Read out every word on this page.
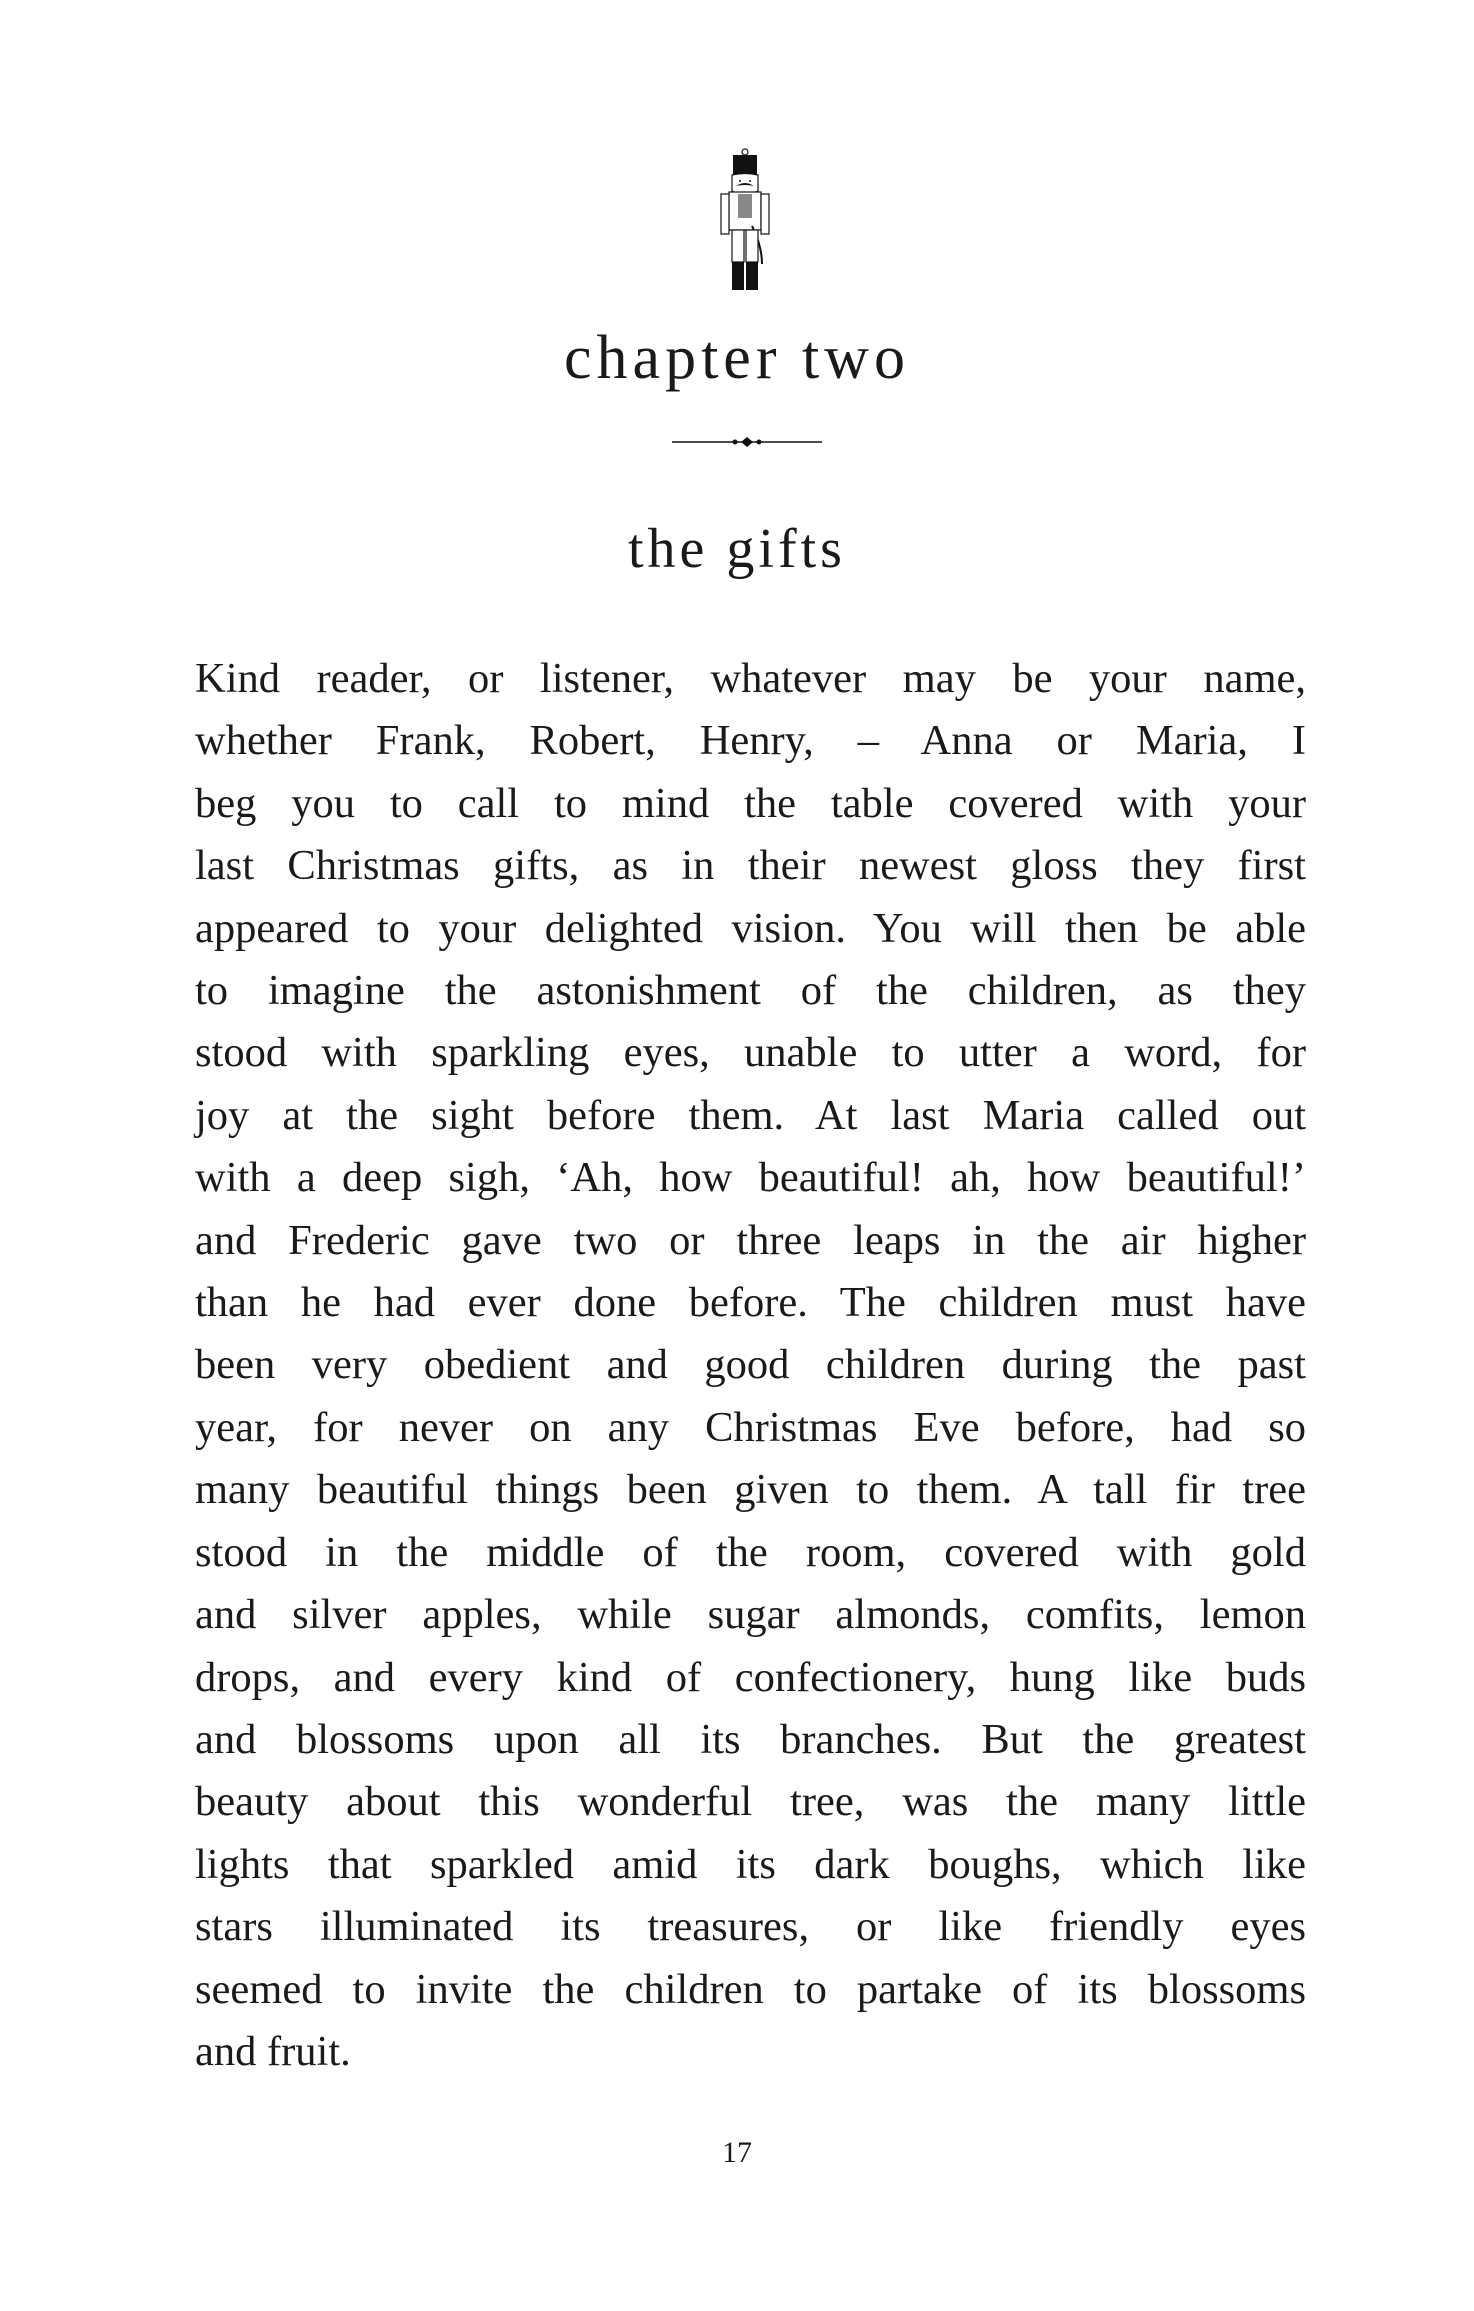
chapter two
the gifts
Kind reader, or listener, whatever may be your name,
whether Frank, Robert, Henry, – Anna or Maria, I
beg you to call to mind the table covered with your
last Christmas gifts, as in their newest gloss they first
appeared to your delighted vision. You will then be able
to imagine the astonishment of the children, as they
stood with sparkling eyes, unable to utter a word, for
joy at the sight before them. At last Maria called out
with a deep sigh, ‘Ah, how beautiful! ah, how beautiful!’
and Frederic gave two or three leaps in the air higher
than he had ever done before. The children must have
been very obedient and good children during the past
year, for never on any Christmas Eve before, had so
many beautiful things been given to them. A tall fir tree
stood in the middle of the room, covered with gold
and silver apples, while sugar almonds, comfits, lemon
drops, and every kind of confectionery, hung like buds
and blossoms upon all its branches. But the greatest
beauty about this wonderful tree, was the many little
lights that sparkled amid its dark boughs, which like
stars illuminated its treasures, or like friendly eyes
seemed to invite the children to partake of its blossoms
and fruit.
17
